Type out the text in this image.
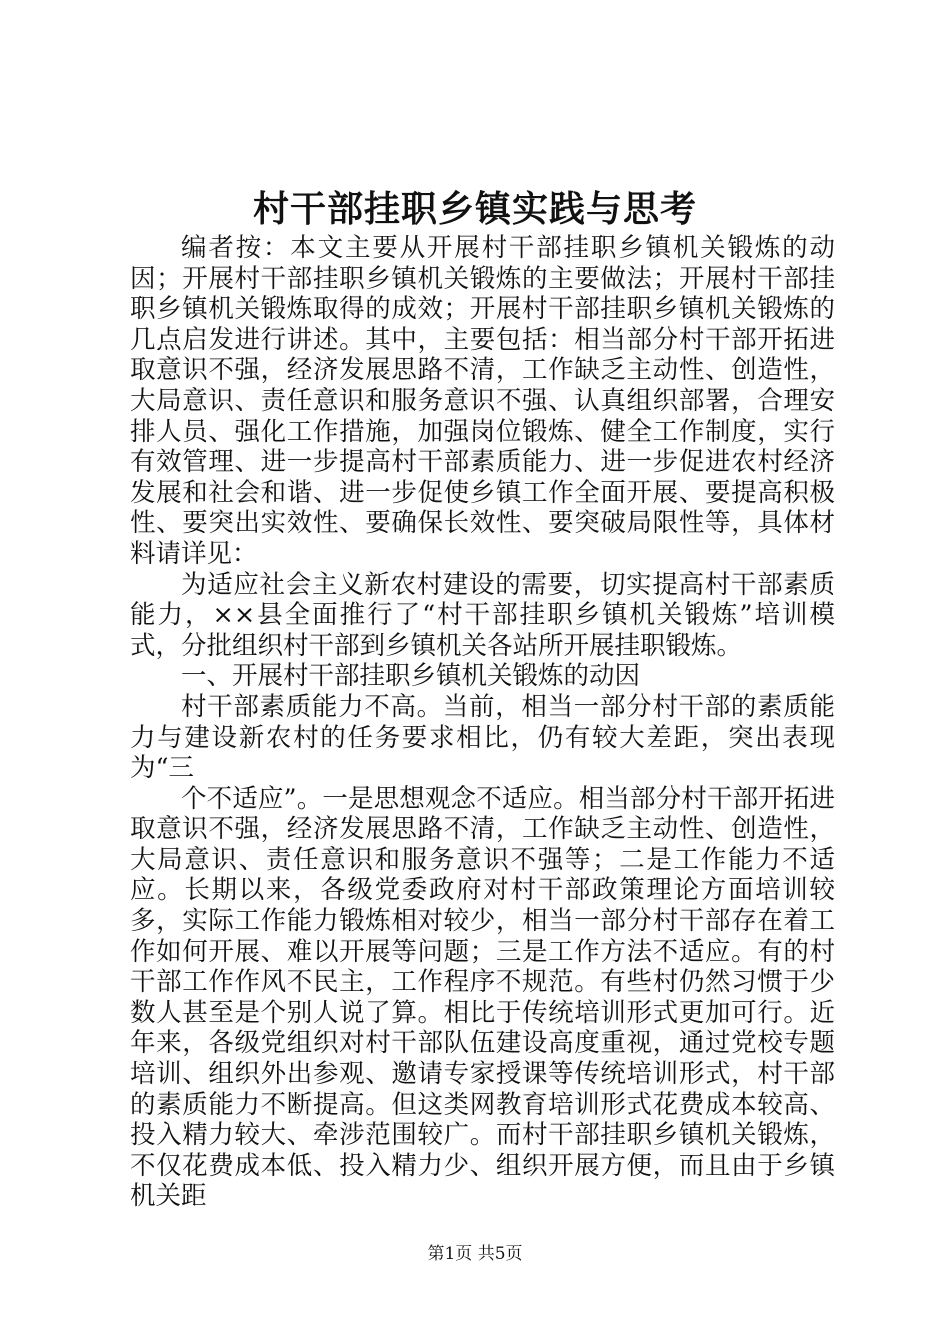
村干部挂职乡镇实践与思考

编者按：本文主要从开展村干部挂职乡镇机关锻炼的动因；开展村干部挂职乡镇机关锻炼的主要做法；开展村干部挂职乡镇机关锻炼取得的成效；开展村干部挂职乡镇机关锻炼的几点启发进行讲述。其中，主要包括：相当部分村干部开拓进取意识不强，经济发展思路不清，工作缺乏主动性、创造性，大局意识、责任意识和服务意识不强、认真组织部署，合理安排人员、强化工作措施，加强岗位锻炼、健全工作制度，实行有效管理、进一步提高村干部素质能力、进一步促进农村经济发展和社会和谐、进一步促使乡镇工作全面开展、要提高积极性、要突出实效性、要确保长效性、要突破局限性等，具体材料请详见：

为适应社会主义新农村建设的需要，切实提高村干部素质能力，××县全面推行了“村干部挂职乡镇机关锻炼”培训模式，分批组织村干部到乡镇机关各站所开展挂职锻炼。

一、开展村干部挂职乡镇机关锻炼的动因

村干部素质能力不高。当前，相当一部分村干部的素质能力与建设新农村的任务要求相比，仍有较大差距，突出表现为“三

个不适应”。一是思想观念不适应。相当部分村干部开拓进取意识不强，经济发展思路不清，工作缺乏主动性、创造性，大局意识、责任意识和服务意识不强等；二是工作能力不适应。长期以来，各级党委政府对村干部政策理论方面培训较多，实际工作能力锻炼相对较少，相当一部分村干部存在着工作如何开展、难以开展等问题；三是工作方法不适应。有的村干部工作作风不民主，工作程序不规范。有些村仍然习惯于少数人甚至是个别人说了算。相比于传统培训形式更加可行。近年来，各级党组织对村干部队伍建设高度重视，通过党校专题培训、组织外出参观、邀请专家授课等传统培训形式，村干部的素质能力不断提高。但这类网教育培训形式花费成本较高、投入精力较大、牵涉范围较广。而村干部挂职乡镇机关锻炼，不仅花费成本低、投入精力少、组织开展方便，而且由于乡镇机关距

第1页 共5页
